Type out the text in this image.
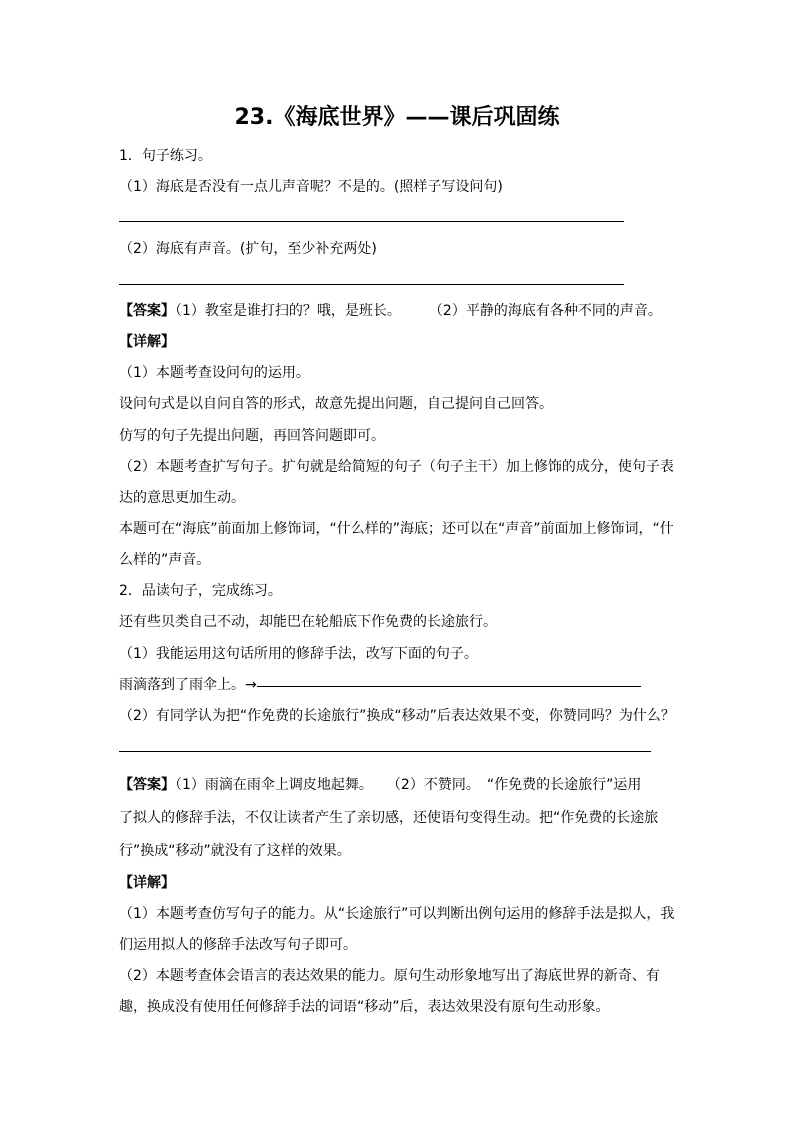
23.《海底世界》——课后巩固练
1．句子练习。
（1）海底是否没有一点儿声音呢？不是的。(照样子写设问句)
（2）海底有声音。(扩句，至少补充两处)
【答案】（1）教室是谁打扫的？哦，是班长。 （2）平静的海底有各种不同的声音。
【详解】
（1）本题考查设问句的运用。
设问句式是以自问自答的形式，故意先提出问题，自己提问自己回答。
仿写的句子先提出问题，再回答问题即可。
（2）本题考查扩写句子。扩句就是给简短的句子（句子主干）加上修饰的成分，使句子表
达的意思更加生动。
本题可在“海底”前面加上修饰词，“什么样的”海底；还可以在“声音”前面加上修饰词，“什
么样的”声音。
2．品读句子，完成练习。
还有些贝类自己不动，却能巴在轮船底下作免费的长途旅行。
（1）我能运用这句话所用的修辞手法，改写下面的句子。
雨滴落到了雨伞上。→
（2）有同学认为把“作免费的长途旅行”换成“移动”后表达效果不变，你赞同吗？为什么？
【答案】（1）雨滴在雨伞上调皮地起舞。　　（2）不赞同。　“作免费的长途旅行”运用
了拟人的修辞手法，不仅让读者产生了亲切感，还使语句变得生动。把“作免费的长途旅
行”换成“移动”就没有了这样的效果。
【详解】
（1）本题考查仿写句子的能力。从“长途旅行”可以判断出例句运用的修辞手法是拟人，我
们运用拟人的修辞手法改写句子即可。
（2）本题考查体会语言的表达效果的能力。原句生动形象地写出了海底世界的新奇、有
趣，换成没有使用任何修辞手法的词语“移动”后，表达效果没有原句生动形象。
